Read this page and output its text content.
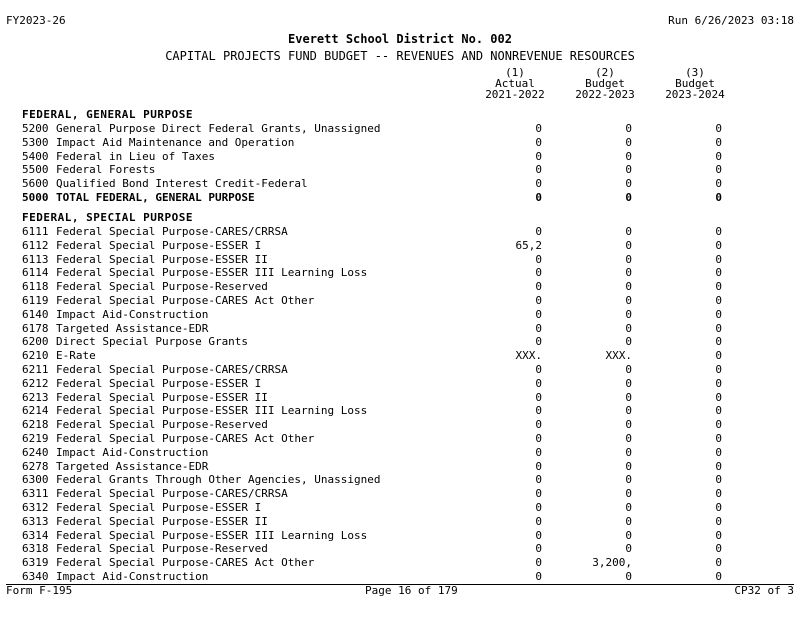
FY2023-26	Run 6/26/2023 03:18
Everett School District No. 002
CAPITAL PROJECTS FUND BUDGET -- REVENUES AND NONREVENUE RESOURCES
(1)
Actual
2021-2022
(2)
Budget
2022-2023
(3)
Budget
2023-2024
FEDERAL, GENERAL PURPOSE
5200 General Purpose Direct Federal Grants, Unassigned	0	0	0
5300 Impact Aid Maintenance and Operation	0	0	0
5400 Federal in Lieu of Taxes	0	0	0
5500 Federal Forests	0	0	0
5600 Qualified Bond Interest Credit-Federal	0	0	0
5000 TOTAL FEDERAL, GENERAL PURPOSE	0	0	0
FEDERAL, SPECIAL PURPOSE
6111 Federal Special Purpose-CARES/CRRSA	0	0	0
6112 Federal Special Purpose-ESSER I	65,2	0	0
6113 Federal Special Purpose-ESSER II	0	0	0
6114 Federal Special Purpose-ESSER III Learning Loss	0	0	0
6118 Federal Special Purpose-Reserved	0	0	0
6119 Federal Special Purpose-CARES Act Other	0	0	0
6140 Impact Aid-Construction	0	0	0
6178 Targeted Assistance-EDR	0	0	0
6200 Direct Special Purpose Grants	0	0	0
6210 E-Rate	XXX.	XXX.	0
6211 Federal Special Purpose-CARES/CRRSA	0	0	0
6212 Federal Special Purpose-ESSER I	0	0	0
6213 Federal Special Purpose-ESSER II	0	0	0
6214 Federal Special Purpose-ESSER III Learning Loss	0	0	0
6218 Federal Special Purpose-Reserved	0	0	0
6219 Federal Special Purpose-CARES Act Other	0	0	0
6240 Impact Aid-Construction	0	0	0
6278 Targeted Assistance-EDR	0	0	0
6300 Federal Grants Through Other Agencies, Unassigned	0	0	0
6311 Federal Special Purpose-CARES/CRRSA	0	0	0
6312 Federal Special Purpose-ESSER I	0	0	0
6313 Federal Special Purpose-ESSER II	0	0	0
6314 Federal Special Purpose-ESSER III Learning Loss	0	0	0
6318 Federal Special Purpose-Reserved	0	0	0
6319 Federal Special Purpose-CARES Act Other	0	3,200,	0
6340 Impact Aid-Construction	0	0	0
Form F-195	Page 16 of 179	CP32 of 3
